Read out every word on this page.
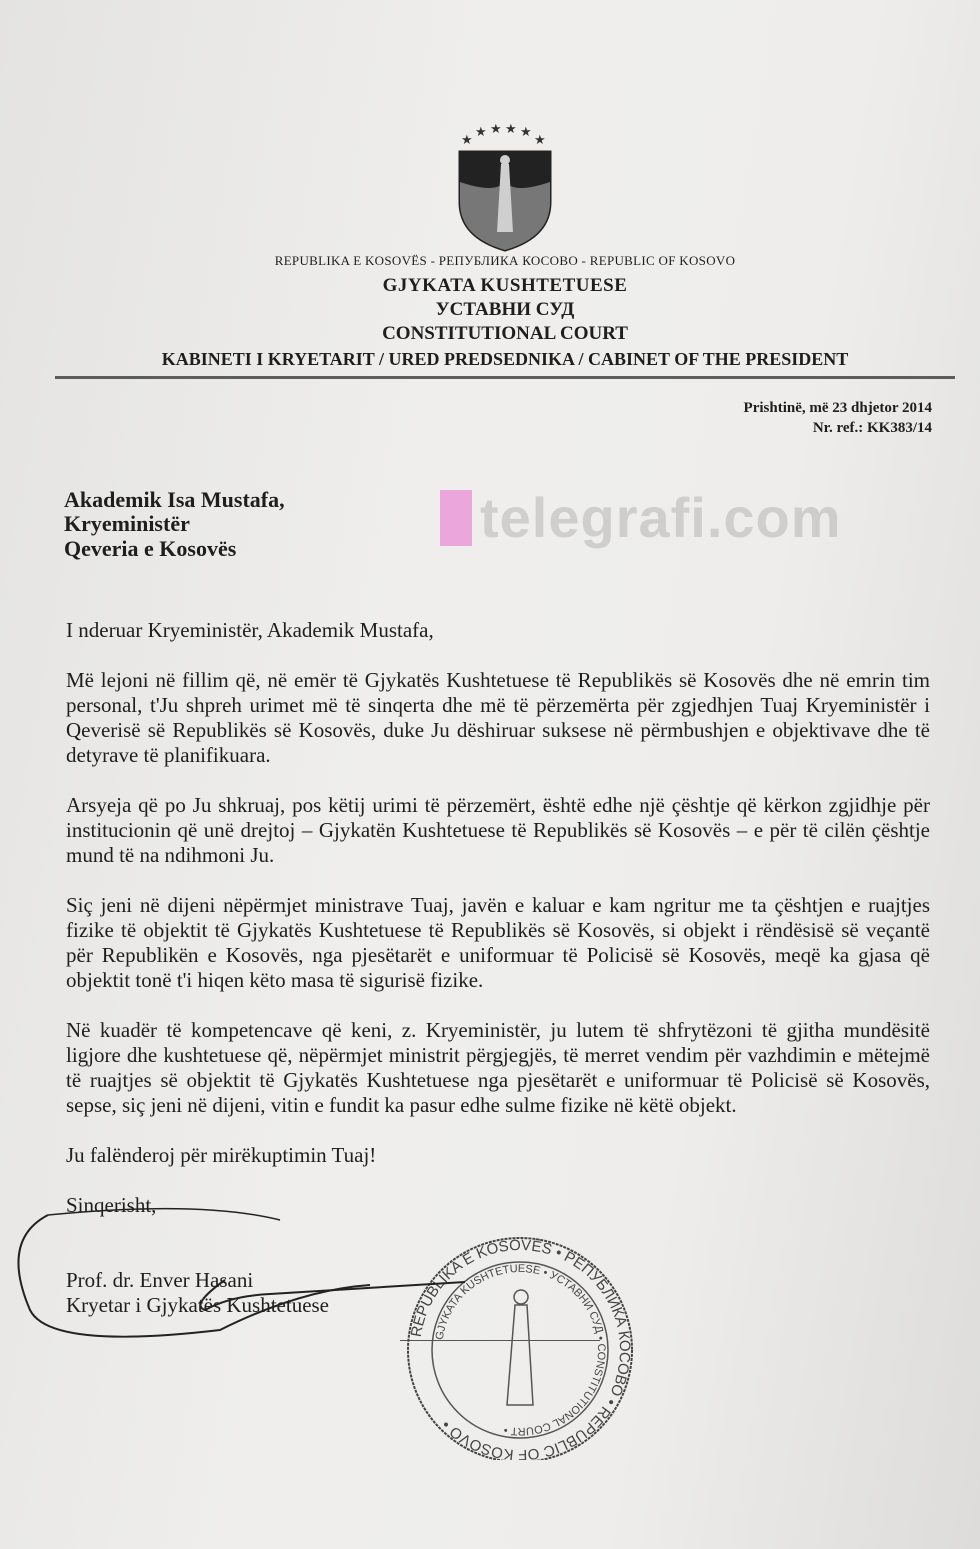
★
★ ★ ★ ★
★
REPUBLIKA E KOSOVËS - РЕПУБЛИКА КОСОВО - REPUBLIC OF KOSOVO
GJYKATA KUSHTETUESE
УСТАВНИ СУД
CONSTITUTIONAL COURT
KABINETI I KRYETARIT / URED PREDSEDNIKA / CABINET OF THE PRESIDENT
Prishtinë, më 23 dhjetor 2014
Nr. ref.: KK383/14
Akademik Isa Mustafa,
Kryeministër
Qeveria e Kosovës	telegrafi.com
I nderuar Kryeministër, Akademik Mustafa,
Më lejoni në fillim që, në emër të Gjykatës Kushtetuese të Republikës së Kosovës dhe në emrin tim personal, t'Ju shpreh urimet më të sinqerta dhe më të përzemërta për zgjedhjen Tuaj Kryeministër i Qeverisë së Republikës së Kosovës, duke Ju dëshiruar suksese në përmbushjen e objektivave dhe të detyrave të planifikuara.
Arsyeja që po Ju shkruaj, pos këtij urimi të përzemërt, është edhe një çështje që kërkon zgjidhje për institucionin që unë drejtoj – Gjykatën Kushtetuese të Republikës së Kosovës – e për të cilën çështje mund të na ndihmoni Ju.
Siç jeni në dijeni nëpërmjet ministrave Tuaj, javën e kaluar e kam ngritur me ta çështjen e ruajtjes fizike të objektit të Gjykatës Kushtetuese të Republikës së Kosovës, si objekt i rëndësisë së veçantë për Republikën e Kosovës, nga pjesëtarët e uniformuar të Policisë së Kosovës, meqë ka gjasa që objektit tonë t'i hiqen këto masa të sigurisë fizike.
Në kuadër të kompetencave që keni, z. Kryeministër, ju lutem të shfrytëzoni të gjitha mundësitë ligjore dhe kushtetuese që, nëpërmjet ministrit përgjegjës, të merret vendim për vazhdimin e mëtejmë të ruajtjes së objektit të Gjykatës Kushtetuese nga pjesëtarët e uniformuar të Policisë së Kosovës, sepse, siç jeni në dijeni, vitin e fundit ka pasur edhe sulme fizike në këtë objekt.
Ju falënderoj për mirëkuptimin Tuaj!
Sinqerisht,
Prof. dr. Enver Hasani
Kryetar i Gjykatës Kushtetuese
REPUBLIKA E KOSOVËS • РЕПУБЛИКА КОСОВО • REPUBLIC OF KOSOVO •
GJYKATA KUSHTETUESE • УСТАВНИ СУД • CONSTITUTIONAL COURT •
